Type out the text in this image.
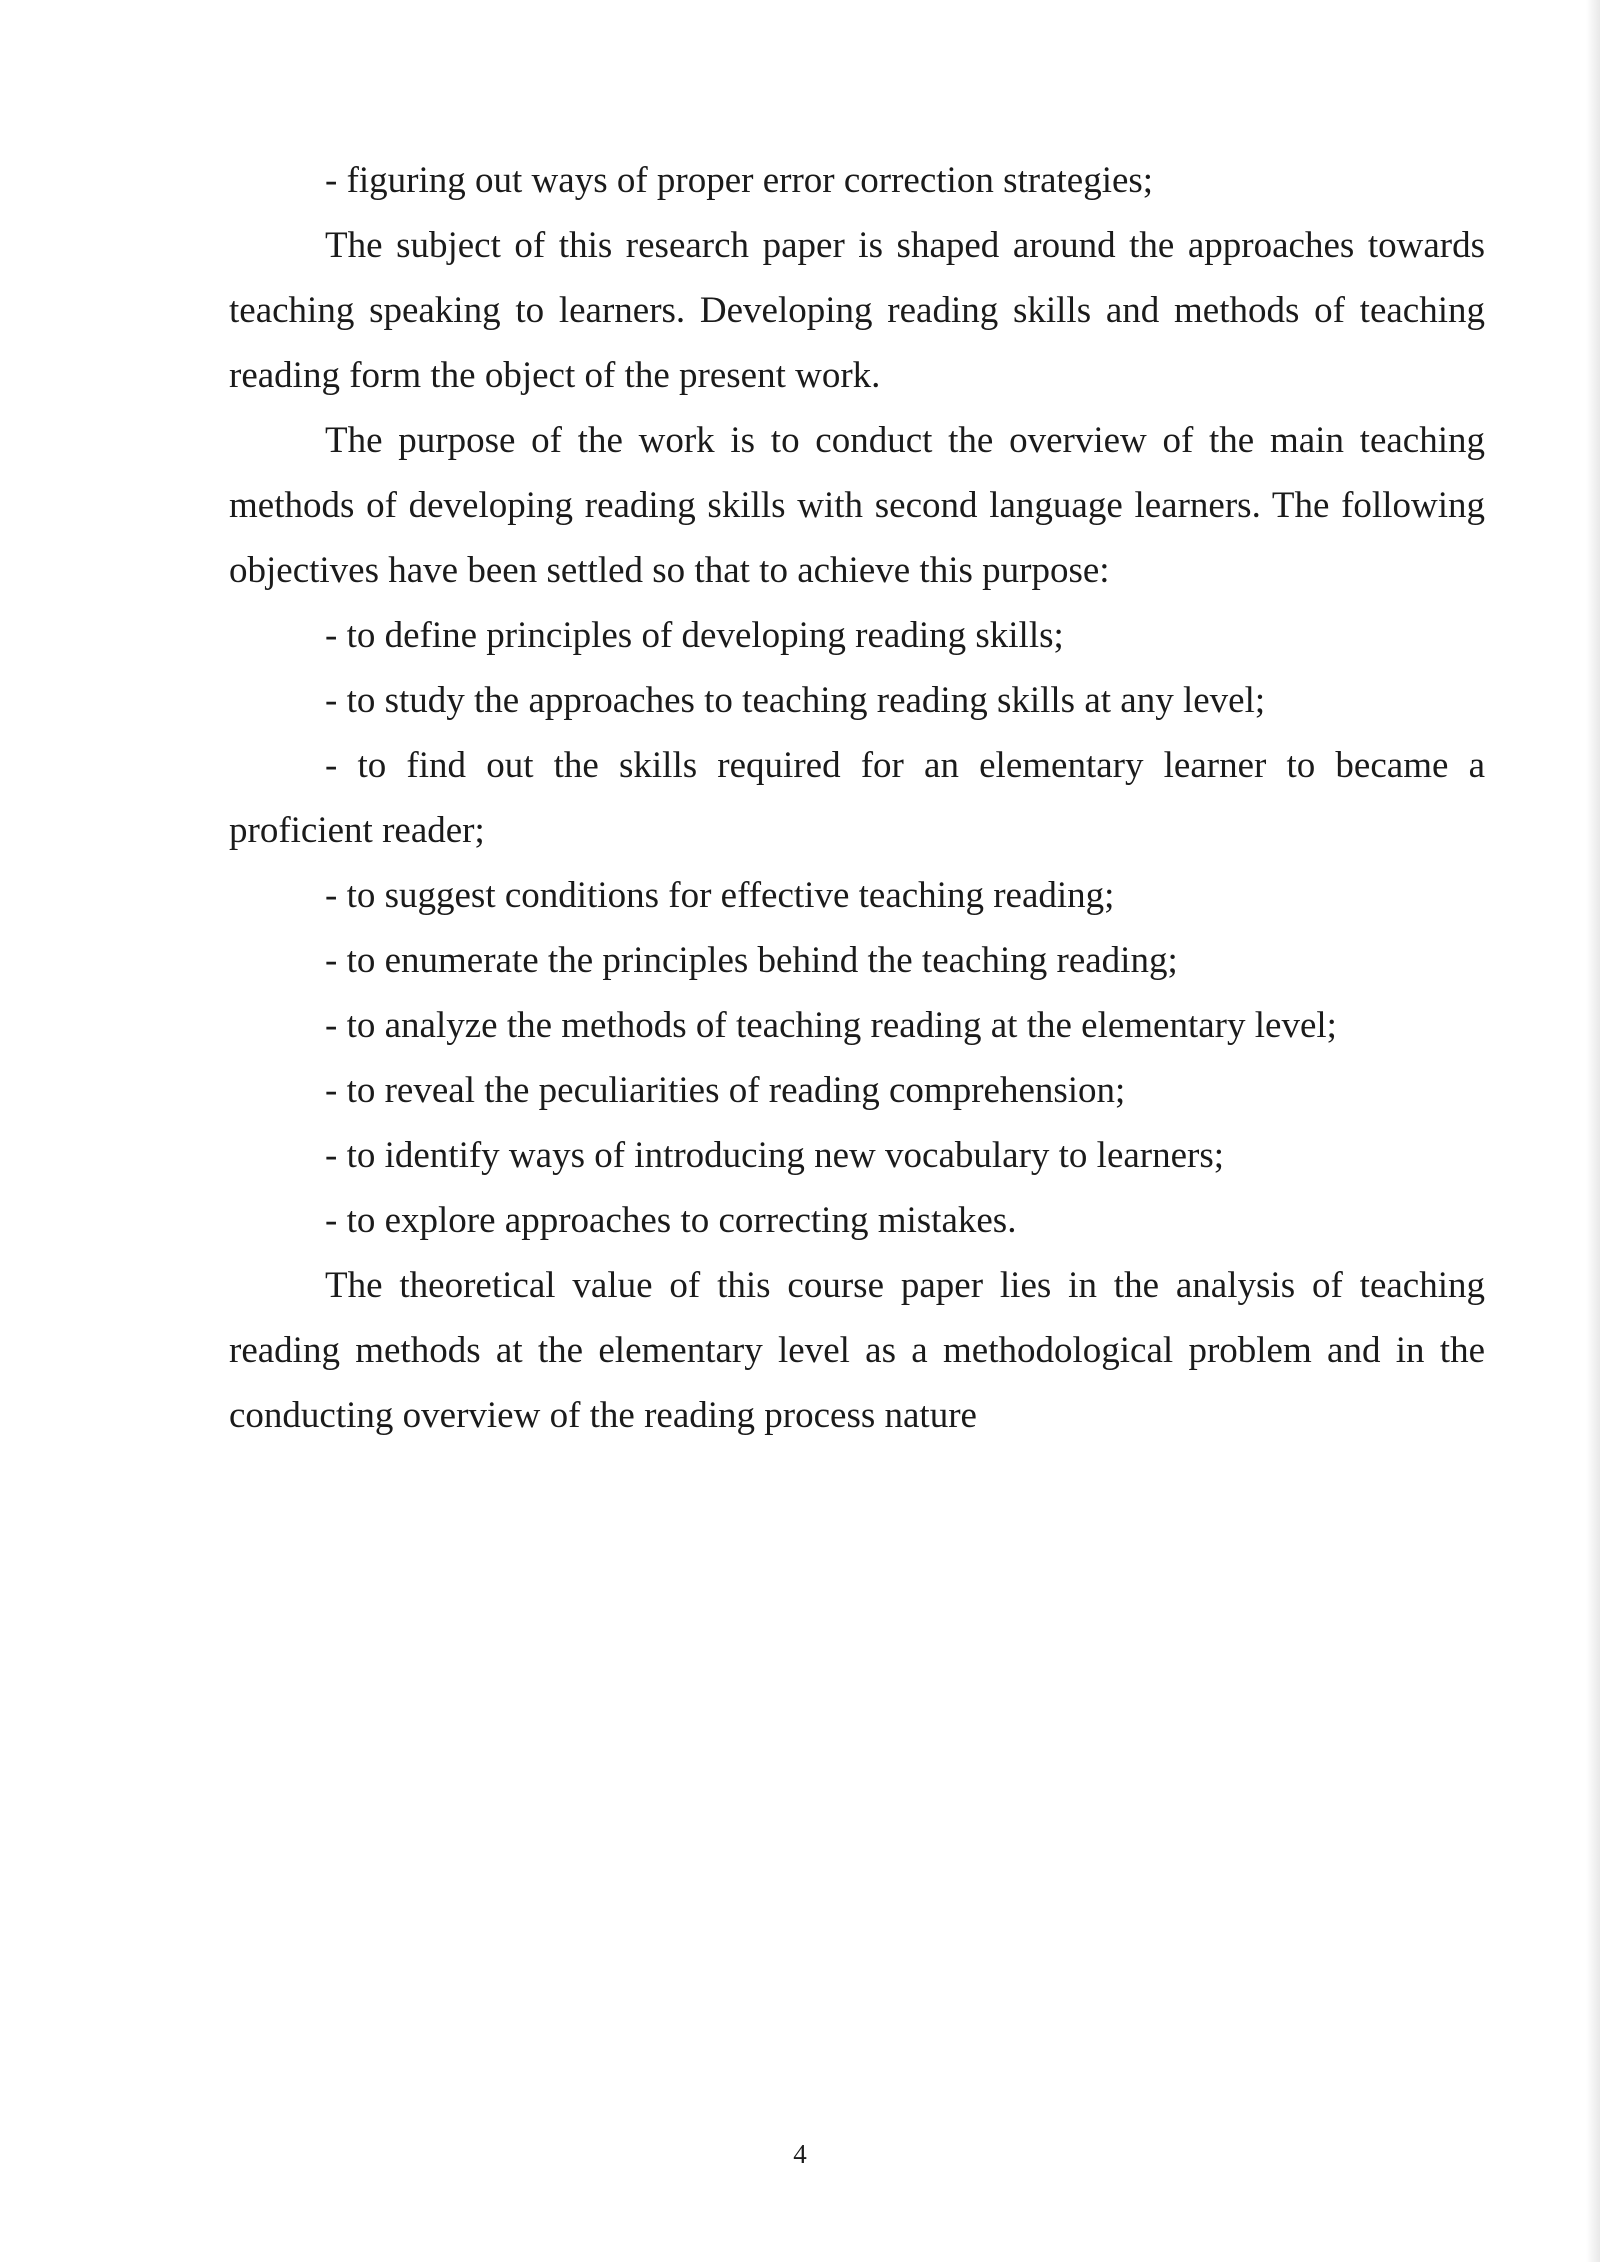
- figuring out ways of proper error correction strategies;

The subject of this research paper is shaped around the approaches towards teaching speaking to learners. Developing reading skills and methods of teaching reading form the object of the present work.

The purpose of the work is to conduct the overview of the main teaching methods of developing reading skills with second language learners. The following objectives have been settled so that to achieve this purpose:

- to define principles of developing reading skills;

- to study the approaches to teaching reading skills at any level;

- to find out the skills required for an elementary learner to became a proficient reader;

- to suggest conditions for effective teaching reading;

- to enumerate the principles behind the teaching reading;

- to analyze the methods of teaching reading at the elementary level;

- to reveal the peculiarities of reading comprehension;

- to identify ways of introducing new vocabulary to learners;

- to explore approaches to correcting mistakes.

The theoretical value of this course paper lies in the analysis of teaching reading methods at the elementary level as a methodological problem and in the conducting overview of the reading process nature

4
